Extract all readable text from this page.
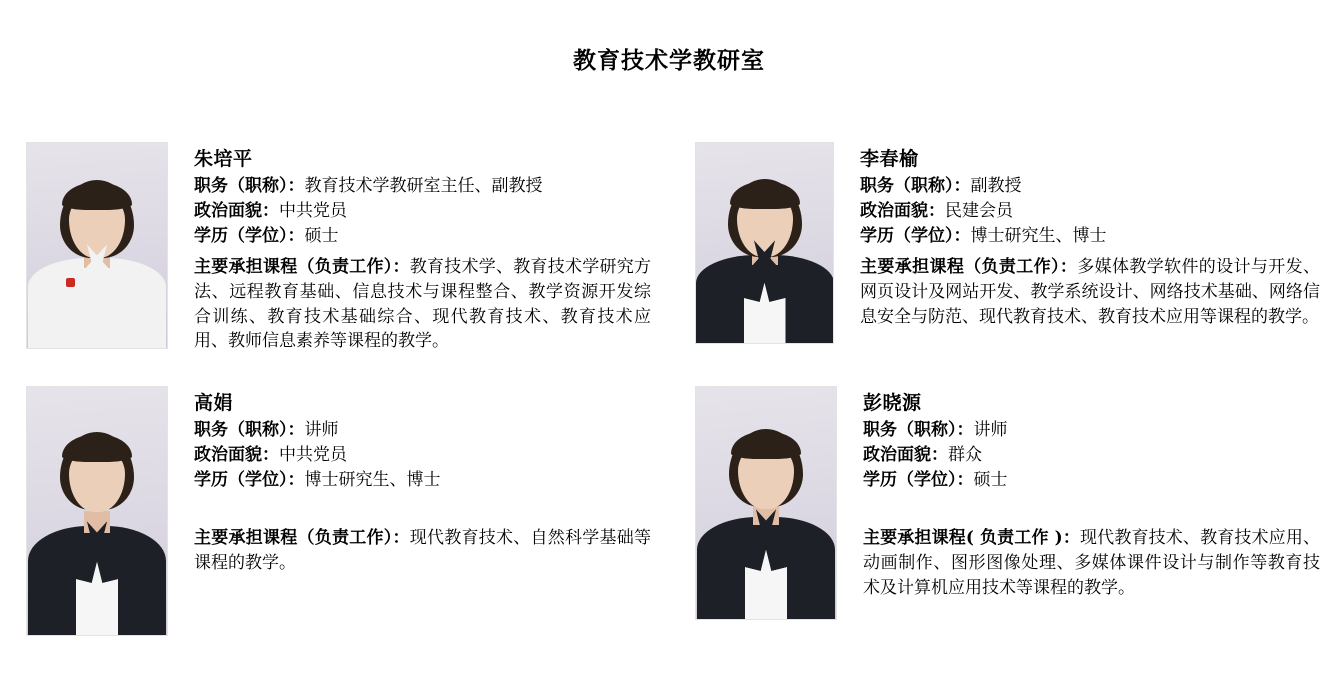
教育技术学教研室
朱培平
职务（职称）：教育技术学教研室主任、副教授
政治面貌：中共党员
学历（学位）：硕士
主要承担课程（负责工作）：教育技术学、教育技术学研究方法、远程教育基础、信息技术与课程整合、教学资源开发综合训练、教育技术基础综合、现代教育技术、教育技术应用、教师信息素养等课程的教学。
李春榆
职务（职称）：副教授
政治面貌：民建会员
学历（学位）：博士研究生、博士
主要承担课程（负责工作）：多媒体教学软件的设计与开发、网页设计及网站开发、教学系统设计、网络技术基础、网络信息安全与防范、现代教育技术、教育技术应用等课程的教学。
高娟
职务（职称）：讲师
政治面貌：中共党员
学历（学位）：博士研究生、博士
主要承担课程（负责工作）：现代教育技术、自然科学基础等课程的教学。
彭晓源
职务（职称）：讲师
政治面貌：群众
学历（学位）：硕士
主要承担课程( 负责工作 )：现代教育技术、教育技术应用、动画制作、图形图像处理、多媒体课件设计与制作等教育技术及计算机应用技术等课程的教学。
